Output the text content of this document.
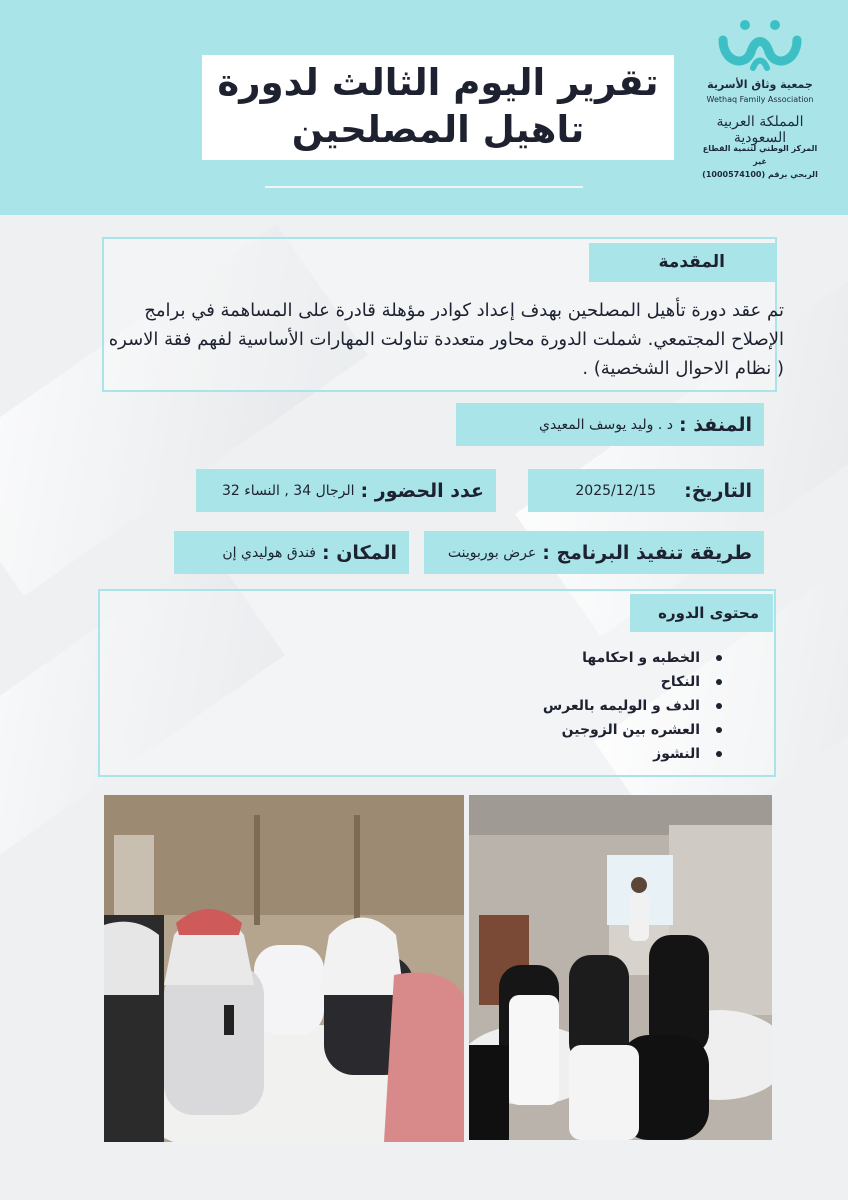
تقرير اليوم الثالث لدورة
تاهيل المصلحين
جمعية وثاق الأسرية
Wethaq Family Association
المملكة العربية السعودية
المركز الوطني لتنمية القطاع غير
الربحي برقم (1000574100)
المقدمة

تم عقد دورة تأهيل المصلحين بهدف إعداد كوادر مؤهلة قادرة على المساهمة في برامج الإصلاح المجتمعي. شملت الدورة محاور متعددة تناولت المهارات الأساسية لفهم فقة الاسره ( نظام الاحوال الشخصية) .

المنفذ :
د . وليد يوسف المعيدي
التاريخ:
2025/12/15
عدد الحضور :
الرجال 34 , النساء 32
طريقة تنفيذ البرنامج :
عرض بوربوينت
المكان :
فندق هوليدي إن
محتوى الدوره
الخطبه و احكامها
النكاح
الدف و الوليمه بالعرس
العشره بين الزوجين
النشوز
